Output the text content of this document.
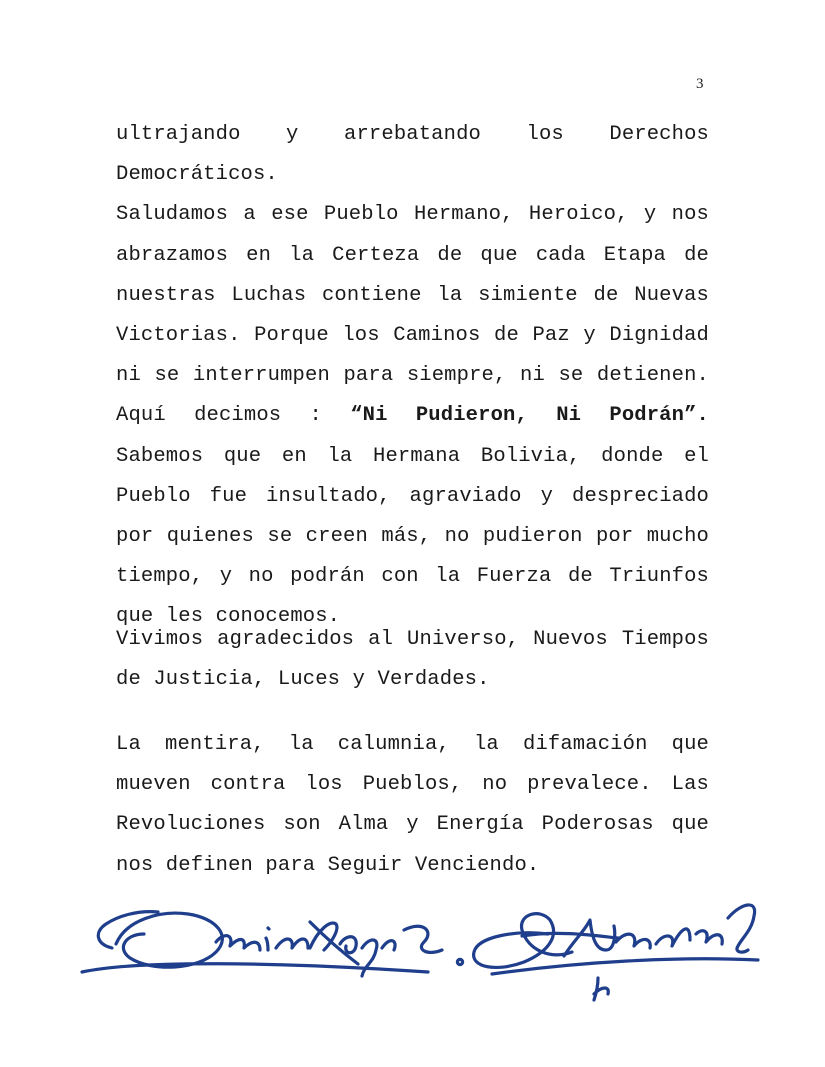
3

ultrajando y arrebatando los Derechos

Democráticos.

Saludamos a ese Pueblo Hermano, Heroico, y nos abrazamos en la Certeza de que cada Etapa de nuestras Luchas contiene la simiente de Nuevas Victorias. Porque los Caminos de Paz y Dignidad ni se interrumpen para siempre, ni se detienen. Aquí decimos : “Ni Pudieron, Ni Podrán”. Sabemos que en la Hermana Bolivia, donde el Pueblo fue insultado, agraviado y despreciado por quienes se creen más, no pudieron por mucho tiempo, y no podrán con la Fuerza de Triunfos que les conocemos.

Vivimos agradecidos al Universo, Nuevos Tiempos de Justicia, Luces y Verdades.

La mentira, la calumnia, la difamación que mueven contra los Pueblos, no prevalece. Las Revoluciones son Alma y Energía Poderosas que nos definen para Seguir Venciendo.
